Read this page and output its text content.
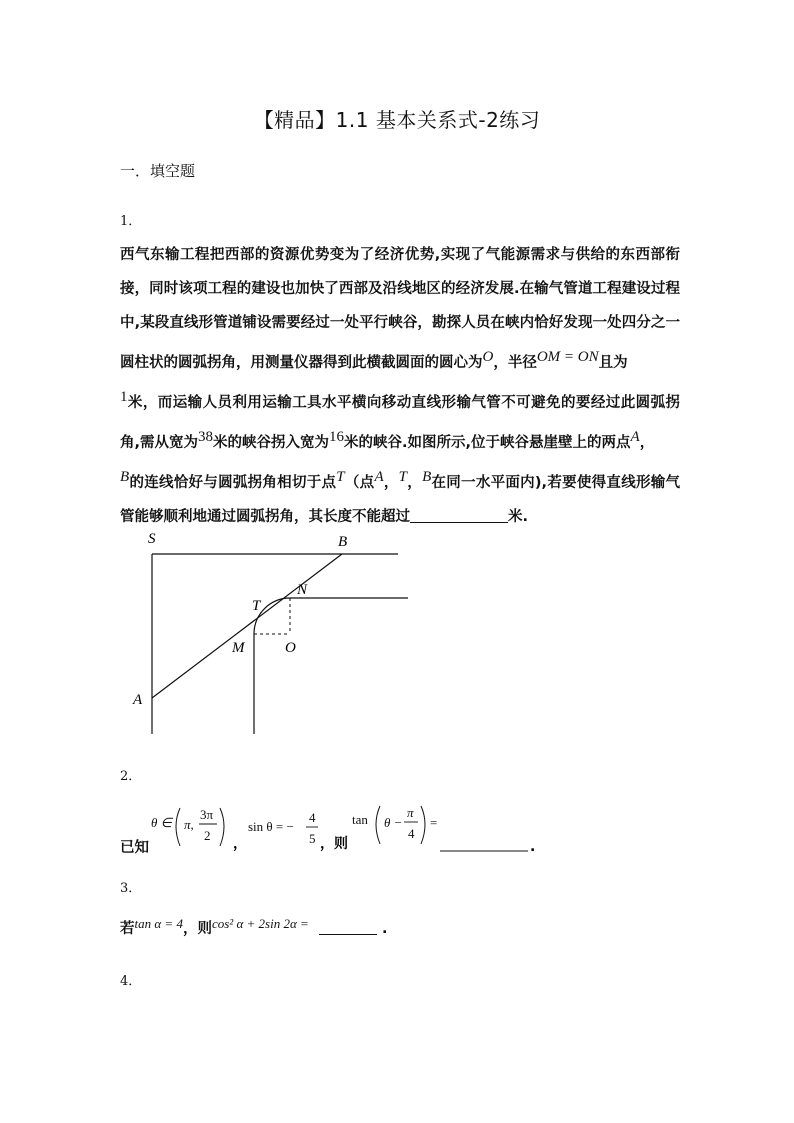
【精品】1.1 基本关系式-2练习
一．填空题
1．
西气东输工程把西部的资源优势变为了经济优势,实现了气能源需求与供给的东西部衔接，同时该项工程的建设也加快了西部及沿线地区的经济发展.在输气管道工程建设过程中,某段直线形管道铺设需要经过一处平行峡谷，勘探人员在峡内恰好发现一处四分之一圆柱状的圆弧拐角，用测量仪器得到此横截圆面的圆心为O，半径OM = ON且为
1米，而运输人员利用运输工具水平横向移动直线形输气管不可避免的要经过此圆弧拐角,需从宽为38米的峡谷拐入宽为16米的峡谷.如图所示,位于峡谷悬崖壁上的两点A，
B的连线恰好与圆弧拐角相切于点T（点A，T，B在同一水平面内),若要使得直线形输气管能够顺利地通过圆弧拐角，其长度不能超过	米.
S	B
N
T
M	O
A
2．
已知
θ ∈ π,
3π
2
，
sin θ = −
4
5 ，则
tan θ −
π
4
=
.
3．
若tan α = 4，则cos² α + 2sin 2α =	.
4．
